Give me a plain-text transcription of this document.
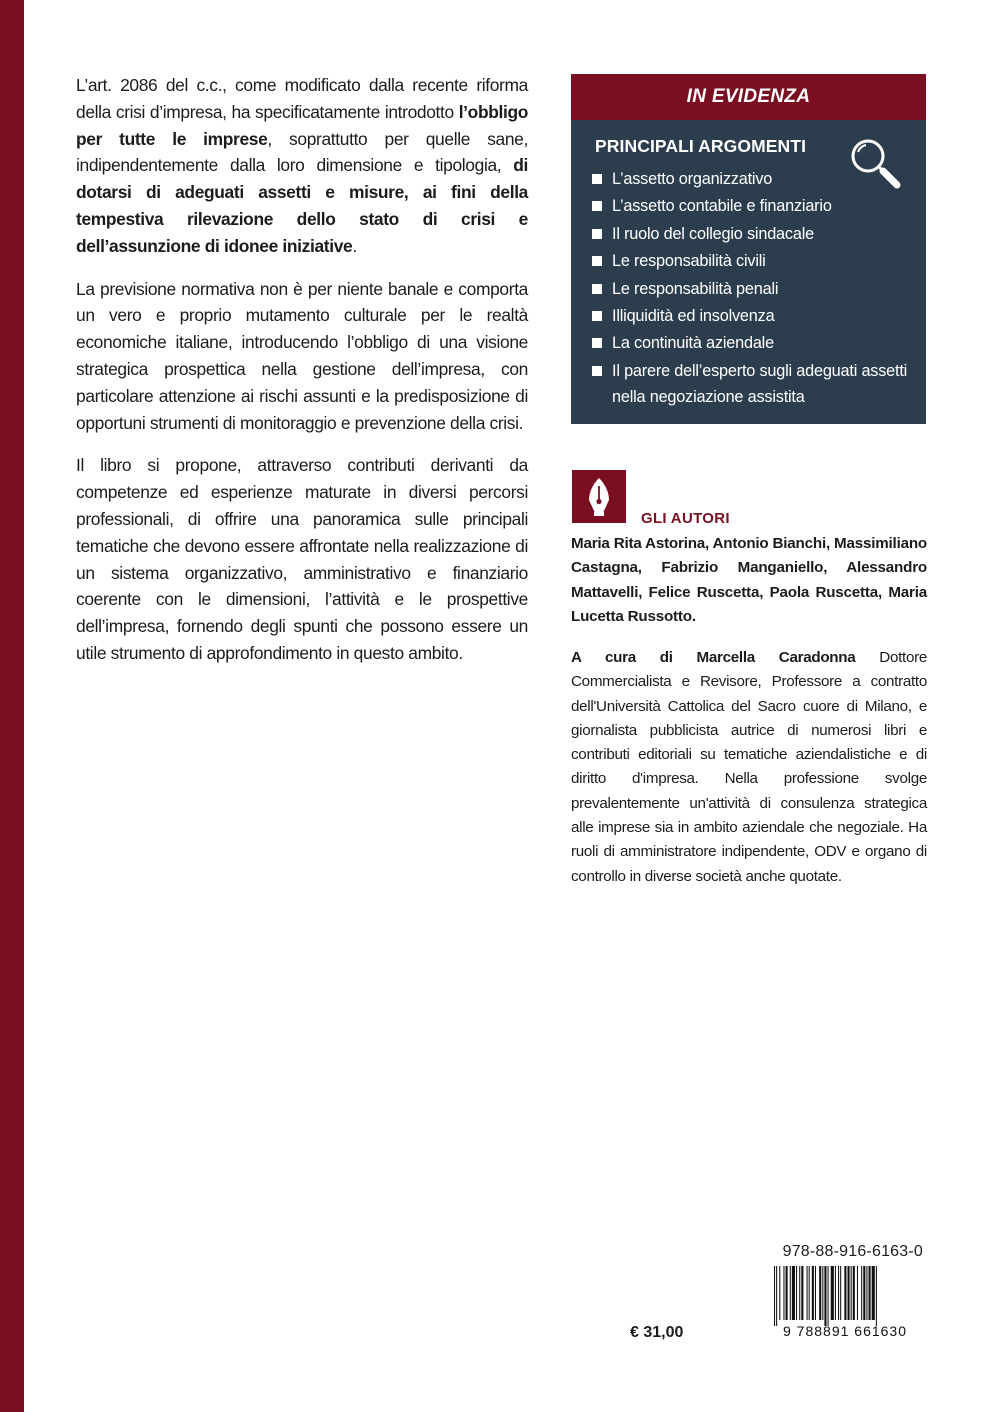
L’art. 2086 del c.c., come modificato dalla recente riforma della crisi d’impresa, ha specificatamente introdotto l’obbligo per tutte le imprese, soprattutto per quelle sane, indipendentemente dalla loro dimensione e tipologia, di dotarsi di adeguati assetti e misure, ai fini della tempestiva rilevazione dello stato di crisi e dell’assunzione di idonee iniziative.

La previsione normativa non è per niente banale e comporta un vero e proprio mutamento culturale per le realtà economiche italiane, introducendo l’obbligo di una visione strategica prospettica nella gestione dell’impresa, con particolare attenzione ai rischi assunti e la predisposizione di opportuni strumenti di monitoraggio e prevenzione della crisi.

Il libro si propone, attraverso contributi derivanti da competenze ed esperienze maturate in diversi percorsi professionali, di offrire una panoramica sulle principali tematiche che devono essere affrontate nella realizzazione di un sistema organizzativo, amministrativo e finanziario coerente con le dimensioni, l’attività e le prospettive dell’impresa, fornendo degli spunti che possono essere un utile strumento di approfondimento in questo ambito.

IN EVIDENZA
PRINCIPALI ARGOMENTI
L’assetto organizzativo
L’assetto contabile e finanziario
Il ruolo del collegio sindacale
Le responsabilità civili
Le responsabilità penali
Illiquidità ed insolvenza
La continuità aziendale
Il parere dell’esperto sugli adeguati assetti nella negoziazione assistita
GLI AUTORI
Maria Rita Astorina, Antonio Bianchi, Massimiliano Castagna, Fabrizio Manganiello, Alessandro Mattavelli, Felice Ruscetta, Paola Ruscetta, Maria Lucetta Russotto.
A cura di Marcella Caradonna Dottore Commercialista e Revisore, Professore a contratto dell'Università Cattolica del Sacro cuore di Milano, e giornalista pubblicista autrice di numerosi libri e contributi editoriali su tematiche aziendalistiche e di diritto d'impresa. Nella professione svolge prevalentemente un'attività di consulenza strategica alle imprese sia in ambito aziendale che negoziale. Ha ruoli di amministratore indipendente, ODV e organo di controllo in diverse società anche quotate.
€ 31,00
978-88-916-6163-0
9 788891 661630
